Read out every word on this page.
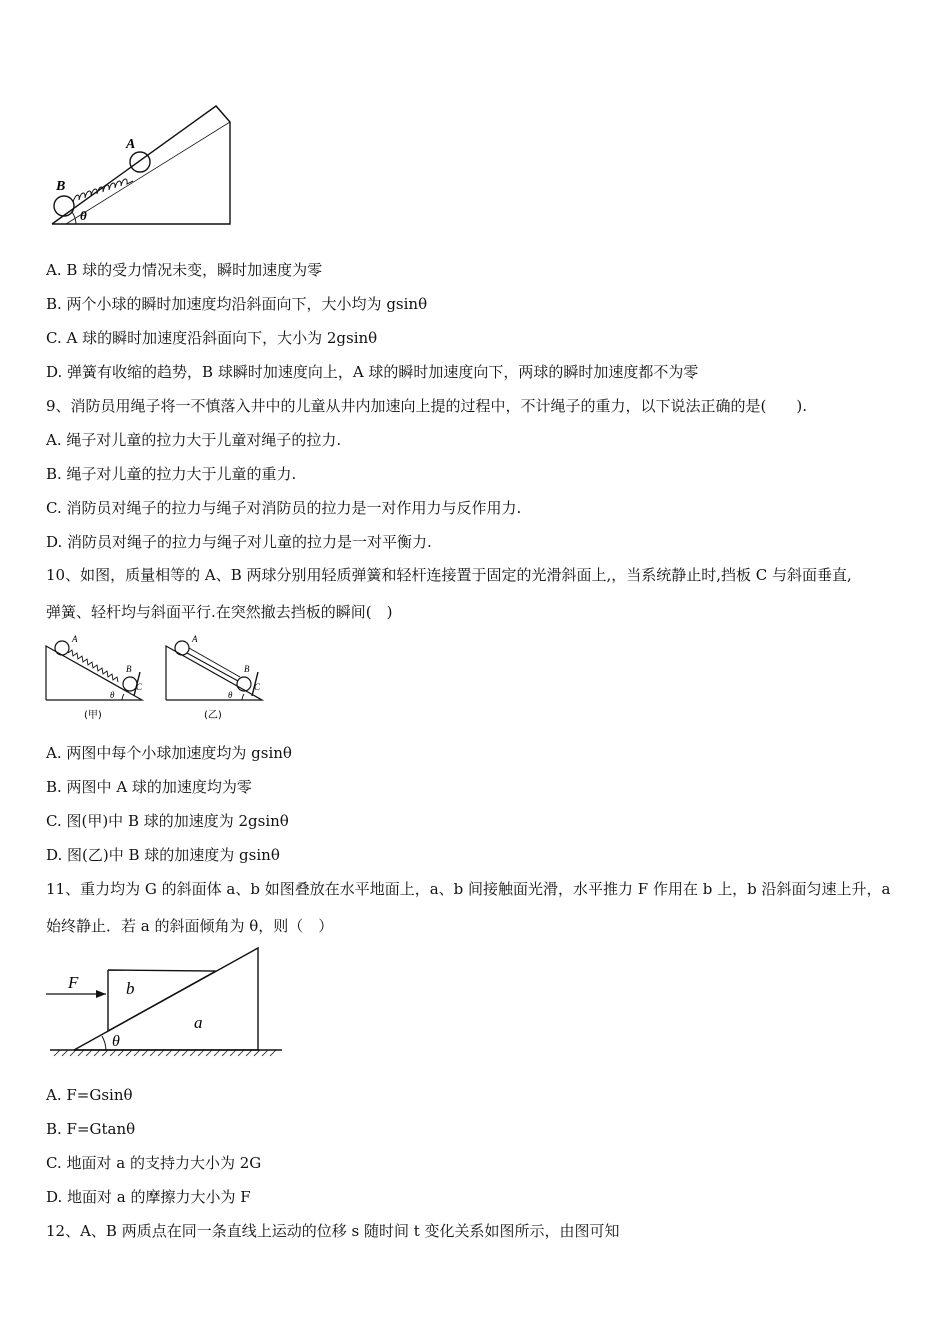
A
B
θ
A. B 球的受力情况未变，瞬时加速度为零
B. 两个小球的瞬时加速度均沿斜面向下，大小均为 gsinθ
C. A 球的瞬时加速度沿斜面向下，大小为 2gsinθ
D. 弹簧有收缩的趋势，B 球瞬时加速度向上，A 球的瞬时加速度向下，两球的瞬时加速度都不为零
9、消防员用绳子将一不慎落入井中的儿童从井内加速向上提的过程中，不计绳子的重力，以下说法正确的是(　　).
A. 绳子对儿童的拉力大于儿童对绳子的拉力.
B. 绳子对儿童的拉力大于儿童的重力.
C. 消防员对绳子的拉力与绳子对消防员的拉力是一对作用力与反作用力.
D. 消防员对绳子的拉力与绳子对儿童的拉力是一对平衡力.
10、如图，质量相等的 A、B 两球分别用轻质弹簧和轻杆连接置于固定的光滑斜面上,，当系统静止时,挡板 C 与斜面垂直,
弹簧、轻杆均与斜面平行.在突然撤去挡板的瞬间(　)
A
B
C
θ
(甲)
A
B
C
θ
(乙)
A. 两图中每个小球加速度均为 gsinθ
B. 两图中 A 球的加速度均为零
C. 图(甲)中 B 球的加速度为 2gsinθ
D. 图(乙)中 B 球的加速度为 gsinθ
11、重力均为 G 的斜面体 a、b 如图叠放在水平地面上，a、b 间接触面光滑，水平推力 F 作用在 b 上，b 沿斜面匀速上升，a
始终静止．若 a 的斜面倾角为 θ，则（　）
F	b
a
θ
A. F=Gsinθ
B. F=Gtanθ
C. 地面对 a 的支持力大小为 2G
D. 地面对 a 的摩擦力大小为 F
12、A、B 两质点在同一条直线上运动的位移 s 随时间 t 变化关系如图所示，由图可知
